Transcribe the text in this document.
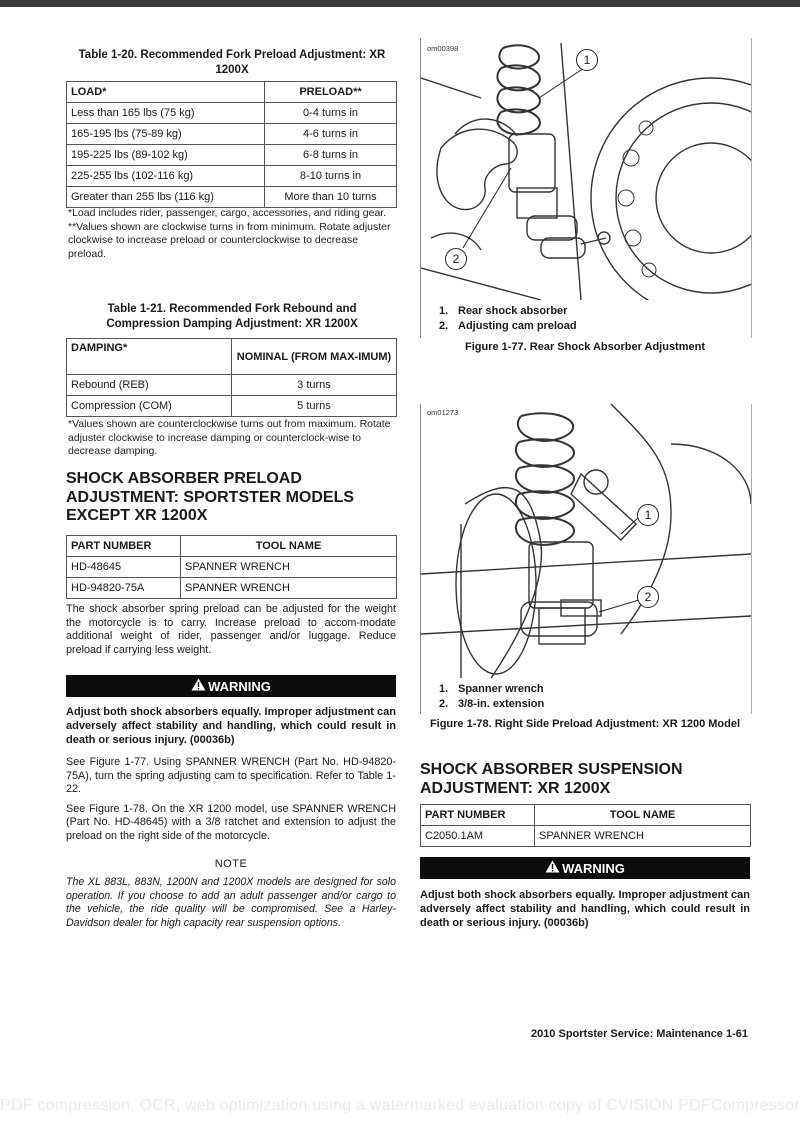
Table 1-20. Recommended Fork Preload Adjustment: XR
1200X
LOAD*	PRELOAD**
Less than 165 lbs (75 kg)	0-4 turns in
165-195 lbs (75-89 kg)	4-6 turns in
195-225 lbs (89-102 kg)	6-8 turns in
225-255 lbs (102-116 kg)	8-10 turns in
Greater than 255 lbs (116 kg)	More than 10 turns

*Load includes rider, passenger, cargo, accessories, and riding gear.

**Values shown are clockwise turns in from minimum. Rotate adjuster clockwise to increase preload or counterclockwise to decrease preload.

Table 1-21. Recommended Fork Rebound and
Compression Damping Adjustment: XR 1200X
DAMPING*	NOMINAL (FROM MAX-IMUM)
Rebound (REB)	3 turns
Compression (COM)	5 turns

*Values shown are counterclockwise turns out from maximum. Rotate adjuster clockwise to increase damping or counterclock-wise to decrease damping.

SHOCK ABSORBER PRELOAD ADJUSTMENT: SPORTSTER MODELS EXCEPT XR 1200X
PART NUMBER	TOOL NAME
HD-48645	SPANNER WRENCH
HD-94820-75A	SPANNER WRENCH

The shock absorber spring preload can be adjusted for the weight the motorcycle is to carry. Increase preload to accom-modate additional weight of rider, passenger and/or luggage. Reduce preload if carrying less weight.

WARNING

Adjust both shock absorbers equally. Improper adjustment can adversely affect stability and handling, which could result in death or serious injury. (00036b)

See Figure 1-77. Using SPANNER WRENCH (Part No. HD-94820-75A), turn the spring adjusting cam to specification. Refer to Table 1-22.

See Figure 1-78. On the XR 1200 model, use SPANNER WRENCH (Part No. HD-48645) with a 3/8 ratchet and extension to adjust the preload on the right side of the motorcycle.

NOTE

The XL 883L, 883N, 1200N and 1200X models are designed for solo operation. If you choose to add an adult passenger and/or cargo to the vehicle, the ride quality will be compromised. See a Harley-Davidson dealer for high capacity rear suspension options.

om00398
1
2
1. Rear shock absorber
2. Adjusting cam preload
Figure 1-77. Rear Shock Absorber Adjustment
om01273
1
2
1. Spanner wrench
2. 3/8-in. extension
Figure 1-78. Right Side Preload Adjustment: XR 1200 Model
SHOCK ABSORBER SUSPENSION ADJUSTMENT: XR 1200X
PART NUMBER	TOOL NAME
C2050.1AM	SPANNER WRENCH
WARNING

Adjust both shock absorbers equally. Improper adjustment can adversely affect stability and handling, which could result in death or serious injury. (00036b)

2010 Sportster Service: Maintenance 1-61
PDF compression, OCR, web optimization using a watermarked evaluation copy of CVISION PDFCompressor
